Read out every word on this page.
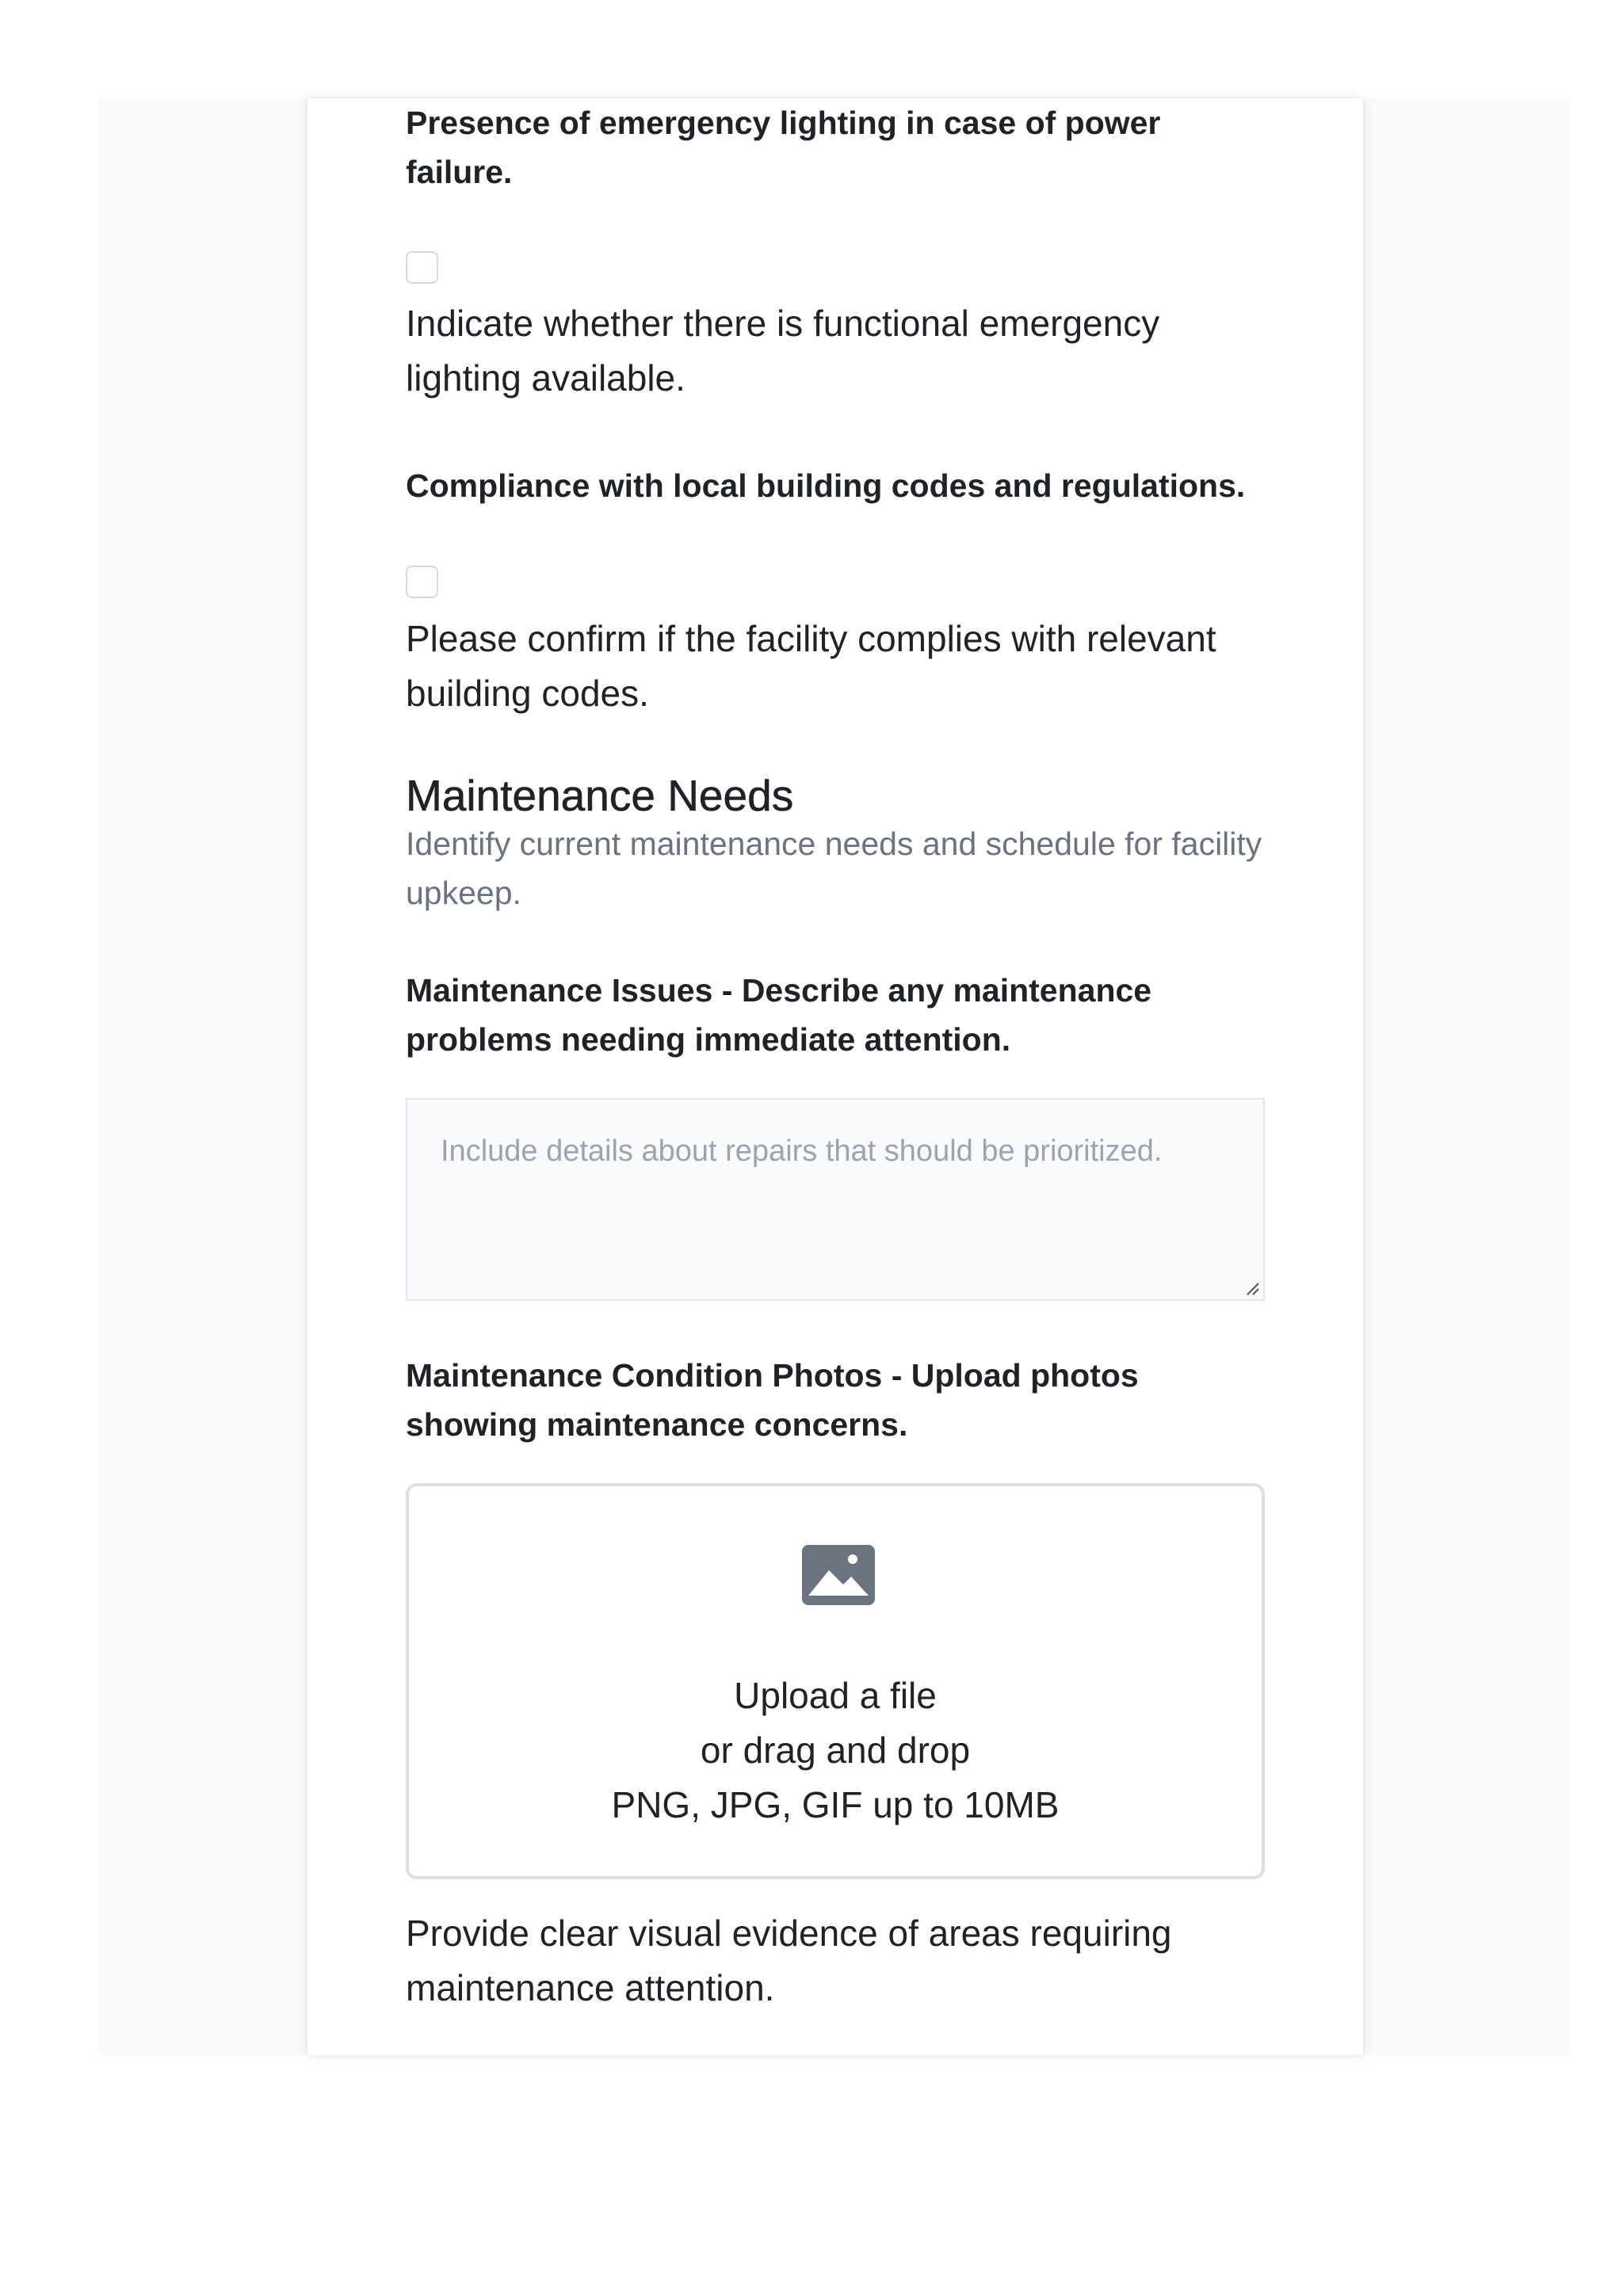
Presence of emergency lighting in case of power failure.
Indicate whether there is functional emergency lighting available.
Compliance with local building codes and regulations.
Please confirm if the facility complies with relevant building codes.
Maintenance Needs
Identify current maintenance needs and schedule for facility upkeep.
Maintenance Issues - Describe any maintenance problems needing immediate attention.
Include details about repairs that should be prioritized.
Maintenance Condition Photos - Upload photos showing maintenance concerns.
Upload a file
or drag and drop
PNG, JPG, GIF up to 10MB
Provide clear visual evidence of areas requiring maintenance attention.
